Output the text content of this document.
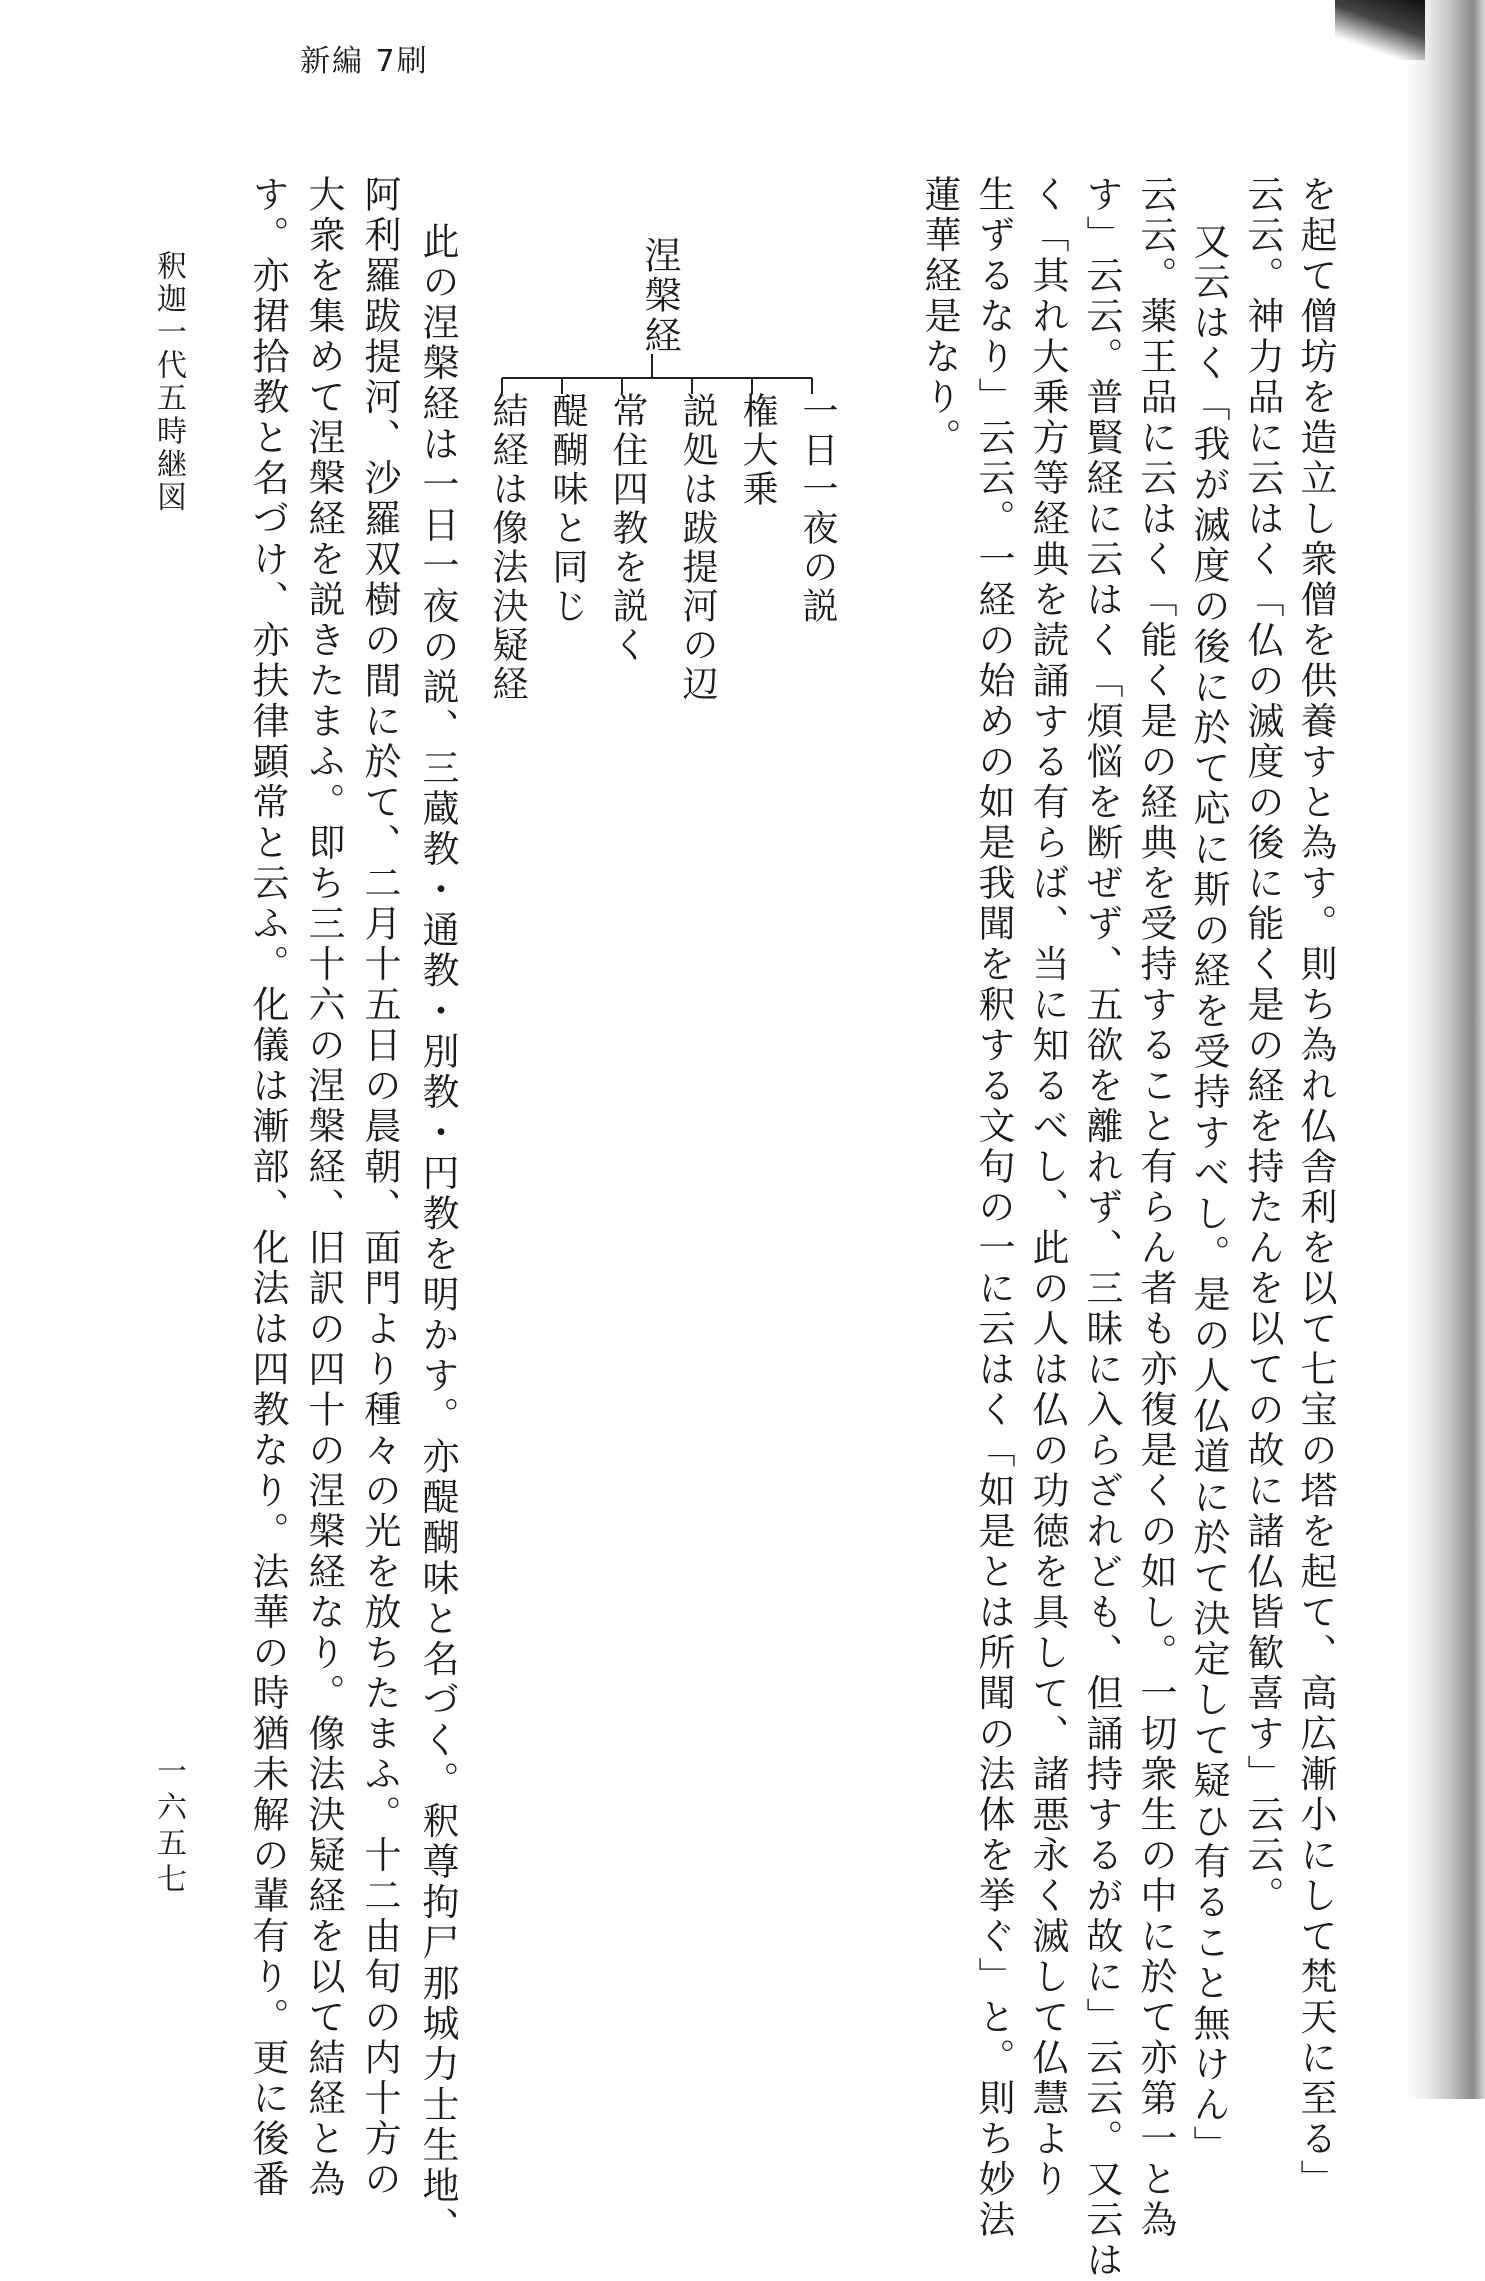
新編 7刷
を起て僧坊を造立し衆僧を供養すと為す。則ち為れ仏舎利を以て七宝の塔を起て、高広漸小にして梵天に至る」
云云。神力品に云はく「仏の滅度の後に能く是の経を持たんを以ての故に諸仏皆歓喜す」云云。
又云はく「我が滅度の後に於て応に斯の経を受持すべし。是の人仏道に於て決定して疑ひ有ること無けん」
云云。薬王品に云はく「能く是の経典を受持すること有らん者も亦復是くの如し。一切衆生の中に於て亦第一と為
す」云云。普賢経に云はく「煩悩を断ぜず、五欲を離れず、三昧に入らざれども、但誦持するが故に」云云。又云は
く「其れ大乗方等経典を読誦する有らば、当に知るべし、此の人は仏の功徳を具して、諸悪永く滅して仏慧より
生ずるなり」云云。一経の始めの如是我聞を釈する文句の一に云はく「如是とは所聞の法体を挙ぐ」と。則ち妙法
蓮華経是なり。
涅槃経
一日一夜の説
権大乗
説処は跋提河の辺
常住四教を説く
醍醐味と同じ
結経は像法決疑経
此の涅槃経は一日一夜の説、三蔵教・通教・別教・円教を明かす。亦醍醐味と名づく。釈尊拘尸那城力士生地、
阿利羅跋提河、沙羅双樹の間に於て、二月十五日の晨朝、面門より種々の光を放ちたまふ。十二由旬の内十方の
大衆を集めて涅槃経を説きたまふ。即ち三十六の涅槃経、旧訳の四十の涅槃経なり。像法決疑経を以て結経と為
す。亦捃拾教と名づけ、亦扶律顕常と云ふ。化儀は漸部、化法は四教なり。法華の時猶未解の輩有り。更に後番
釈迦一代五時継図
一六五七
